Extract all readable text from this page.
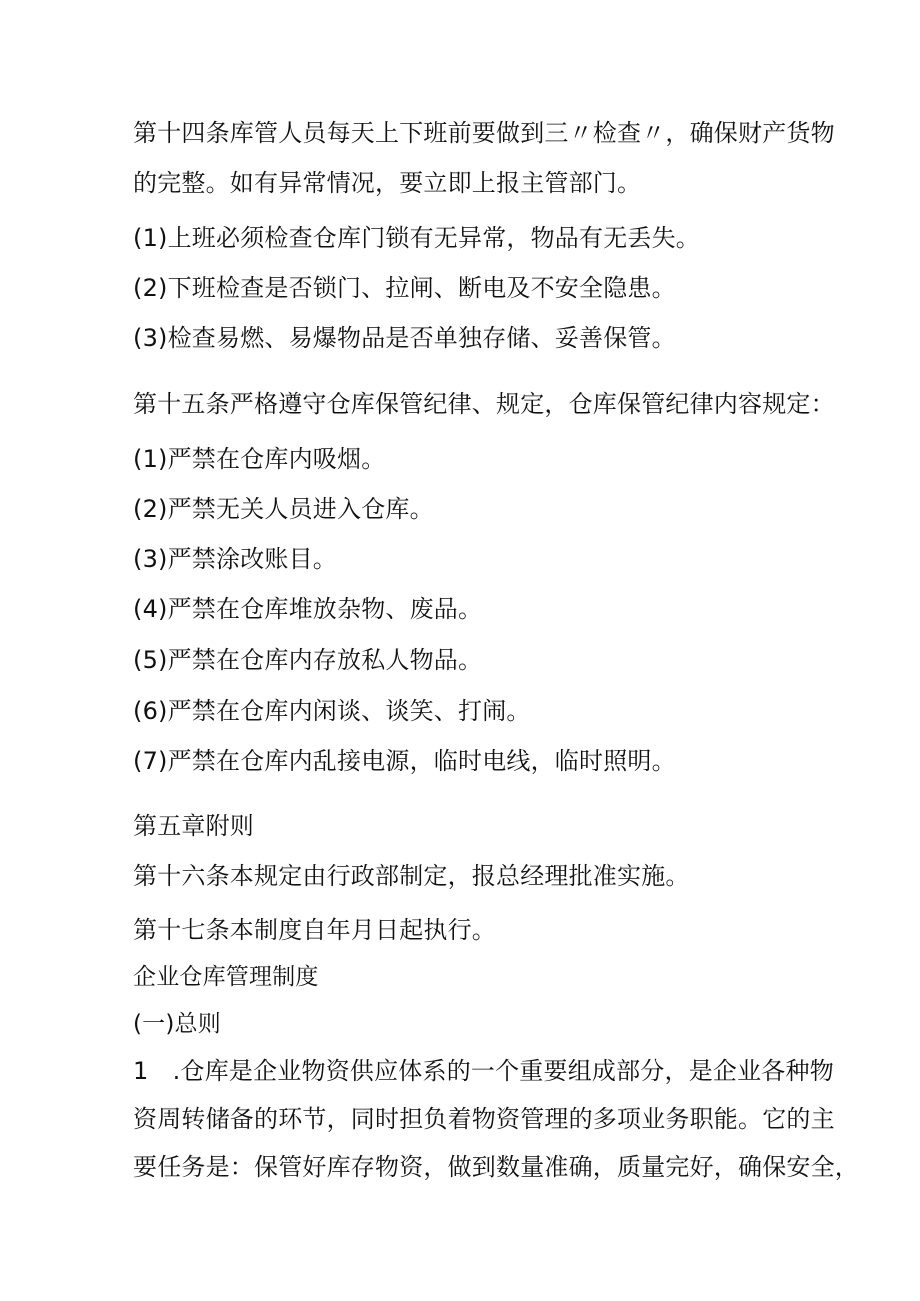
第十四条库管人员每天上下班前要做到三〃检查〃，确保财产货物
的完整。如有异常情况，要立即上报主管部门。
(1)上班必须检查仓库门锁有无异常，物品有无丢失。
(2)下班检查是否锁门、拉闸、断电及不安全隐患。
(3)检查易燃、易爆物品是否单独存储、妥善保管。
第十五条严格遵守仓库保管纪律、规定，仓库保管纪律内容规定：
(1)严禁在仓库内吸烟。
(2)严禁无关人员进入仓库。
(3)严禁涂改账目。
(4)严禁在仓库堆放杂物、废品。
(5)严禁在仓库内存放私人物品。
(6)严禁在仓库内闲谈、谈笑、打闹。
(7)严禁在仓库内乱接电源，临时电线，临时照明。
第五章附则
第十六条本规定由行政部制定，报总经理批准实施。
第十七条本制度自年月日起执行。
企业仓库管理制度
(一)总则
1　.仓库是企业物资供应体系的一个重要组成部分，是企业各种物
资周转储备的环节，同时担负着物资管理的多项业务职能。它的主
要任务是：保管好库存物资，做到数量准确，质量完好，确保安全，
